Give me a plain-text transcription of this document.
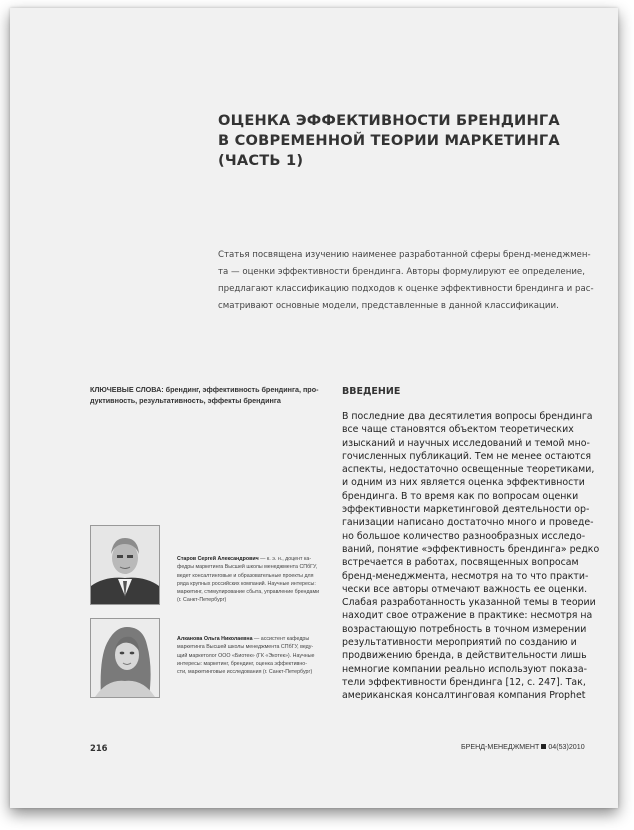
ОЦЕНКА ЭФФЕКТИВНОСТИ БРЕНДИНГА
В СОВРЕМЕННОЙ ТЕОРИИ МАРКЕТИНГА
(ЧАСТЬ 1)

Статья посвящена изучению наименее разработанной сферы бренд-менеджмен-
та — оценки эффективности брендинга. Авторы формулируют ее определение,
предлагают классификацию подходов к оценке эффективности брендинга и рас-
сматривают основные модели, представленные в данной классификации.

КЛЮЧЕВЫЕ СЛОВА: брендинг, эффективность брендинга, про-
дуктивность, результативность, эффекты брендинга

ВВЕДЕНИЕ

В последние два десятилетия вопросы брендинга
все чаще становятся объектом теоретических
изысканий и научных исследований и темой мно-
гочисленных публикаций. Тем не менее остаются
аспекты, недостаточно освещенные теоретиками,
и одним из них является оценка эффективности
брендинга. В то время как по вопросам оценки
эффективности маркетинговой деятельности ор-
ганизации написано достаточно много и проведе-
но большое количество разнообразных исследо-
ваний, понятие «эффективность брендинга» редко
встречается в работах, посвященных вопросам
бренд-менеджмента, несмотря на то что практи-
чески все авторы отмечают важность ее оценки.
Слабая разработанность указанной темы в теории
находит свое отражение в практике: несмотря на
возрастающую потребность в точном измерении
результативности мероприятий по созданию и
продвижению бренда, в действительности лишь
немногие компании реально используют показа-
тели эффективности брендинга [12, с. 247]. Так,
американская консалтинговая компания Prophet

Старов Сергей Александрович — к. э. н., доцент ка-
федры маркетинга Высшей школы менеджмента СПбГУ,
ведет консалтинговые и образовательные проекты для
ряда крупных российских компаний. Научные интересы:
маркетинг, стимулирование сбыта, управление брендами
(г. Санкт-Петербург)

Алканова Ольга Николаевна — ассистент кафедры
маркетинга Высшей школы менеджмента СПбГУ, веду-
щий маркетолог ООО «Биотек» (ГК «Экотек»). Научные
интересы: маркетинг, брендинг, оценка эффективно-
сти, маркетинговые исследования (г. Санкт-Петербург)

216	БРЕНД-МЕНЕДЖМЕНТ 04(53)2010
